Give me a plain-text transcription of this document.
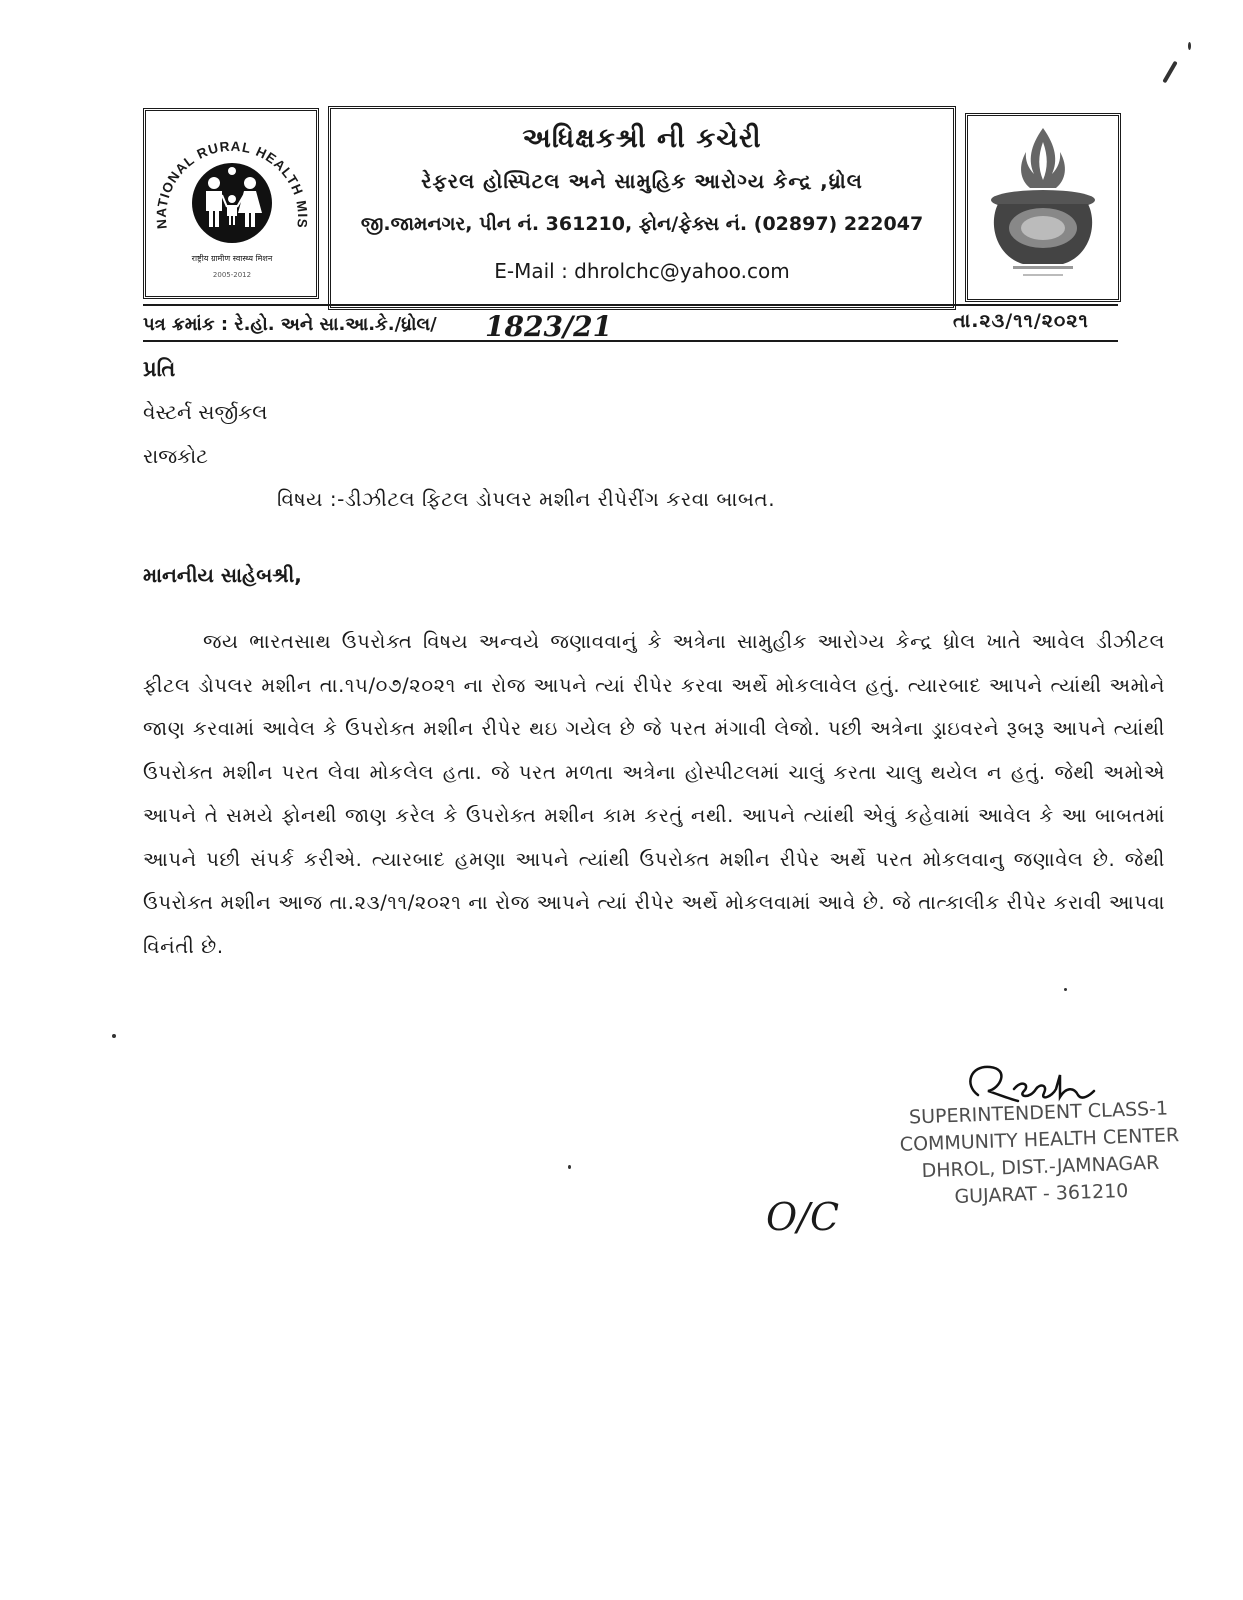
NATIONAL RURAL HEALTH MIS
राष्ट्रीय ग्रामीण स्वास्थ्य मिशन
2005-2012
અધિક્ષકશ્રી ની કચેરી
રેફરલ હોસ્પિટલ અને સામુહિક આરોગ્ય કેન્દ્ર ,ધ્રોલ
જી.જામનગર, પીન નં. 361210, ફોન/ફેક્સ નં. (02897) 222047
E-Mail : dhrolchc@yahoo.com
પત્ર ક્રમાંક : રે.હો. અને સા.આ.કે./ધ્રોલ/ 1823/21	તા.૨૩/૧૧/૨૦૨૧
પ્રતિ
વેસ્ટર્ન સર્જીકલ
રાજકોટ
વિષય :-ડીઝીટલ ફિટલ ડોપલર મશીન રીપેરીંગ કરવા બાબત.
માનનીય સાહેબશ્રી,
જય ભારતસાથ ઉપરોક્ત વિષય અન્વયે જણાવવાનું કે અત્રેના સામુહીક આરોગ્ય કેન્દ્ર ધ્રોલ ખાતે આવેલ ડીઝીટલ ફીટલ ડોપલર મશીન તા.૧૫/૦૭/૨૦૨૧ ના રોજ આપને ત્યાં રીપેર કરવા અર્થે મોકલાવેલ હતું. ત્યારબાદ આપને ત્યાંથી અમોને જાણ કરવામાં આવેલ કે ઉપરોક્ત મશીન રીપેર થઇ ગયેલ છે જે પરત મંગાવી લેજો. પછી અત્રેના ડ્રાઇવરને રૂબરૂ આપને ત્યાંથી ઉપરોક્ત મશીન પરત લેવા મોકલેલ હતા. જે પરત મળતા અત્રેના હોસ્પીટલમાં ચાલું કરતા ચાલુ થયેલ ન હતું. જેથી અમોએ આપને તે સમયે ફોનથી જાણ કરેલ કે ઉપરોક્ત મશીન કામ કરતું નથી. આપને ત્યાંથી એવું કહેવામાં આવેલ કે આ બાબતમાં આપને પછી સંપર્ક કરીએ. ત્યારબાદ હમણા આપને ત્યાંથી ઉપરોક્ત મશીન રીપેર અર્થે પરત મોકલવાનુ જણાવેલ છે. જેથી ઉપરોક્ત મશીન આજ તા.૨૩/૧૧/૨૦૨૧ ના રોજ આપને ત્યાં રીપેર અર્થે મોકલવામાં આવે છે. જે તાત્કાલીક રીપેર કરાવી આપવા વિનંતી છે.
SUPERINTENDENT CLASS-1
COMMUNITY HEALTH CENTER
DHROL, DIST.-JAMNAGAR
GUJARAT - 361210
O/C
